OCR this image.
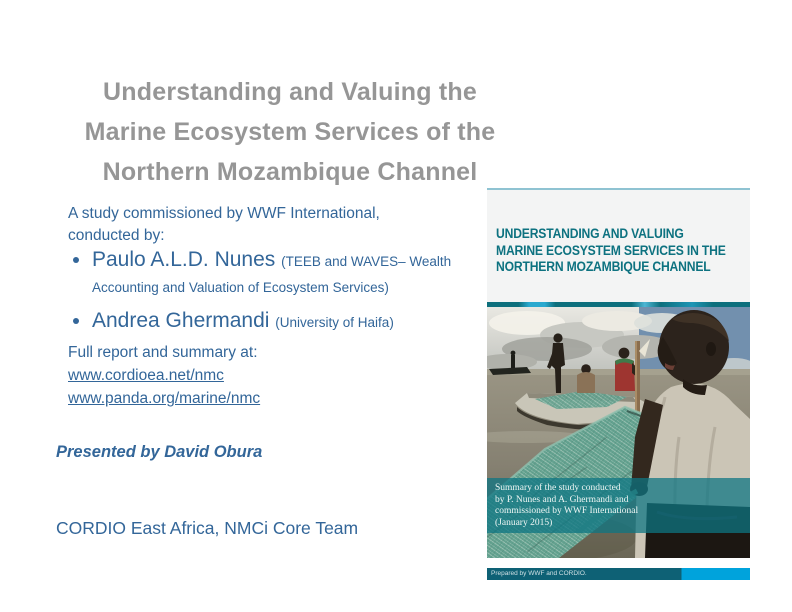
Understanding and Valuing the
Marine Ecosystem Services of the
Northern Mozambique Channel
A study commissioned by WWF International,
conducted by:
• Paulo A.L.D. Nunes (TEEB and WAVES– Wealth Accounting and Valuation of Ecosystem Services)
• Andrea Ghermandi (University of Haifa)
Full report and summary at:
www.cordioea.net/nmc
www.panda.org/marine/nmc
Presented by David Obura
CORDIO East Africa, NMCi Core Team
UNDERSTANDING AND VALUING
MARINE ECOSYSTEM SERVICES IN THE
NORTHERN MOZAMBIQUE CHANNEL
Summary of the study conducted
by P. Nunes and A. Ghermandi and
commissioned by WWF International
(January 2015)
Prepared by WWF and CORDIO.
